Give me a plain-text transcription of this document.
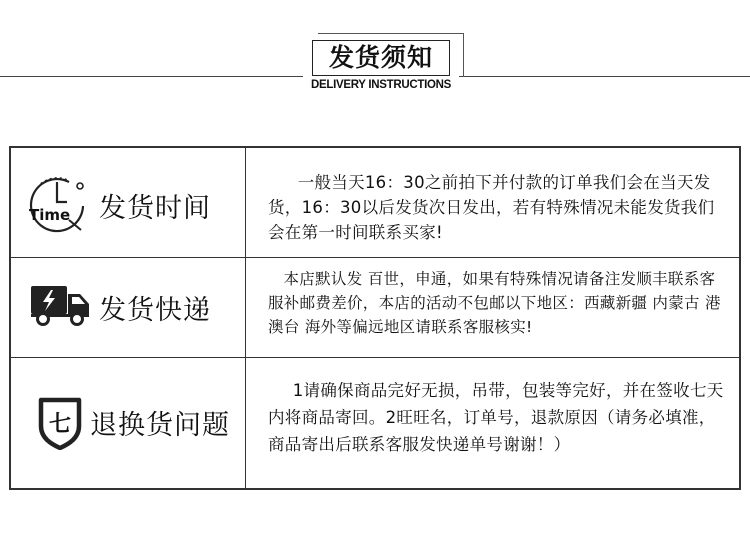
发货须知
DELIVERY INSTRUCTIONS
Time 发货时间
一般当天16：30之前拍下并付款的订单我们会在当天发货，16：30以后发货次日发出，若有特殊情况未能发货我们会在第一时间联系买家!
发货快递
本店默认发 百世，申通，如果有特殊情况请备注发顺丰联系客服补邮费差价，本店的活动不包邮以下地区：西藏新疆 内蒙古 港澳台 海外等偏远地区请联系客服核实!
七 退换货问题
1请确保商品完好无损，吊带，包装等完好，并在签收七天内将商品寄回。2旺旺名，订单号，退款原因（请务必填准，商品寄出后联系客服发快递单号谢谢！）
